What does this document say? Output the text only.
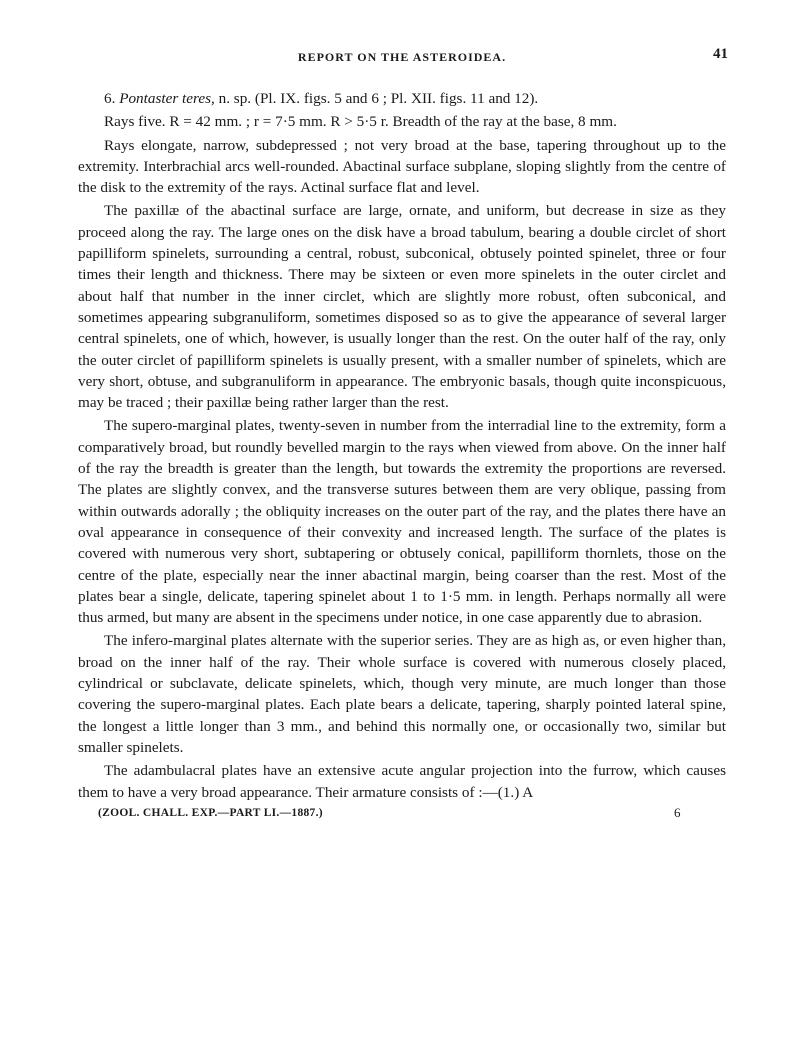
REPORT ON THE ASTEROIDEA.	41

6. Pontaster teres, n. sp. (Pl. IX. figs. 5 and 6 ; Pl. XII. figs. 11 and 12).

Rays five. R = 42 mm. ; r = 7·5 mm. R > 5·5 r. Breadth of the ray at the base, 8 mm.

Rays elongate, narrow, subdepressed ; not very broad at the base, tapering throughout up to the extremity. Interbrachial arcs well-rounded. Abactinal surface subplane, sloping slightly from the centre of the disk to the extremity of the rays. Actinal surface flat and level.

The paxillæ of the abactinal surface are large, ornate, and uniform, but decrease in size as they proceed along the ray. The large ones on the disk have a broad tabulum, bearing a double circlet of short papilliform spinelets, surrounding a central, robust, subconical, obtusely pointed spinelet, three or four times their length and thickness. There may be sixteen or even more spinelets in the outer circlet and about half that number in the inner circlet, which are slightly more robust, often subconical, and sometimes appearing subgranuliform, sometimes disposed so as to give the appearance of several larger central spinelets, one of which, however, is usually longer than the rest. On the outer half of the ray, only the outer circlet of papilliform spinelets is usually present, with a smaller number of spinelets, which are very short, obtuse, and subgranuliform in appearance. The embryonic basals, though quite inconspicuous, may be traced ; their paxillæ being rather larger than the rest.

The supero-marginal plates, twenty-seven in number from the interradial line to the extremity, form a comparatively broad, but roundly bevelled margin to the rays when viewed from above. On the inner half of the ray the breadth is greater than the length, but towards the extremity the proportions are reversed. The plates are slightly convex, and the transverse sutures between them are very oblique, passing from within outwards adorally ; the obliquity increases on the outer part of the ray, and the plates there have an oval appearance in consequence of their convexity and increased length. The surface of the plates is covered with numerous very short, subtapering or obtusely conical, papilliform thornlets, those on the centre of the plate, especially near the inner abactinal margin, being coarser than the rest. Most of the plates bear a single, delicate, tapering spinelet about 1 to 1·5 mm. in length. Perhaps normally all were thus armed, but many are absent in the specimens under notice, in one case apparently due to abrasion.

The infero-marginal plates alternate with the superior series. They are as high as, or even higher than, broad on the inner half of the ray. Their whole surface is covered with numerous closely placed, cylindrical or subclavate, delicate spinelets, which, though very minute, are much longer than those covering the supero-marginal plates. Each plate bears a delicate, tapering, sharply pointed lateral spine, the longest a little longer than 3 mm., and behind this normally one, or occasionally two, similar but smaller spinelets.

The adambulacral plates have an extensive acute angular projection into the furrow, which causes them to have a very broad appearance. Their armature consists of :—(1.) A

(ZOOL. CHALL. EXP.—PART LI.—1887.)	6
